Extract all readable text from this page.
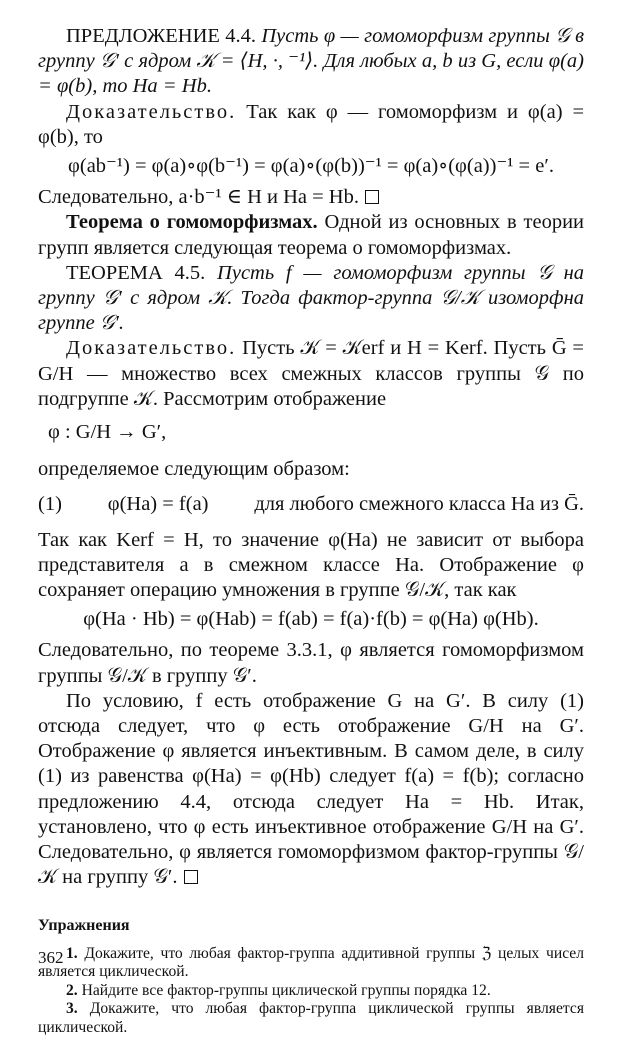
ПРЕДЛОЖЕНИЕ 4.4. Пусть φ — гомоморфизм группы 𝒢 в группу 𝒢′ с ядром 𝒦 = ⟨H, ·, ⁻¹⟩. Для любых a, b из G, если φ(a) = φ(b), то Ha = Hb.

Доказательство. Так как φ — гомоморфизм и φ(a) = φ(b), то

φ(ab⁻¹) = φ(a)∘φ(b⁻¹) = φ(a)∘(φ(b))⁻¹ = φ(a)∘(φ(a))⁻¹ = e′.

Следовательно, a·b⁻¹ ∈ H и Ha = Hb.

Теорема о гомоморфизмах. Одной из основных в теории групп является следующая теорема о гомоморфизмах.

ТЕОРЕМА 4.5. Пусть f — гомоморфизм группы 𝒢 на группу 𝒢′ с ядром 𝒦. Тогда фактор-группа 𝒢/𝒦 изоморфна группе 𝒢′.

Доказательство. Пусть 𝒦 = 𝒦erf и H = Kerf. Пусть Ḡ = G/H — множество всех смежных классов группы 𝒢 по подгруппе 𝒦. Рассмотрим отображение

φ : G/H → G′,

определяемое следующим образом:

(1) φ(Ha) = f(a) для любого смежного класса Ha из Ḡ.

Так как Kerf = H, то значение φ(Ha) не зависит от выбора представителя a в смежном классе Ha. Отображение φ сохраняет операцию умножения в группе 𝒢/𝒦, так как

φ(Ha · Hb) = φ(Hab) = f(ab) = f(a)·f(b) = φ(Ha) φ(Hb).

Следовательно, по теореме 3.3.1, φ является гомоморфизмом группы 𝒢/𝒦 в группу 𝒢′.

По условию, f есть отображение G на G′. В силу (1) отсюда следует, что φ есть отображение G/H на G′. Отображение φ является инъективным. В самом деле, в силу (1) из равенства φ(Ha) = φ(Hb) следует f(a) = f(b); согласно предложению 4.4, отсюда следует Ha = Hb. Итак, установлено, что φ есть инъективное отображение G/H на G′. Следовательно, φ является гомоморфизмом фактор-группы 𝒢/𝒦 на группу 𝒢′.

Упражнения

1. Докажите, что любая фактор-группа аддитивной группы ℨ целых чисел является циклической.

2. Найдите все фактор-группы циклической группы порядка 12.

3. Докажите, что любая фактор-группа циклической группы является циклической.

362
